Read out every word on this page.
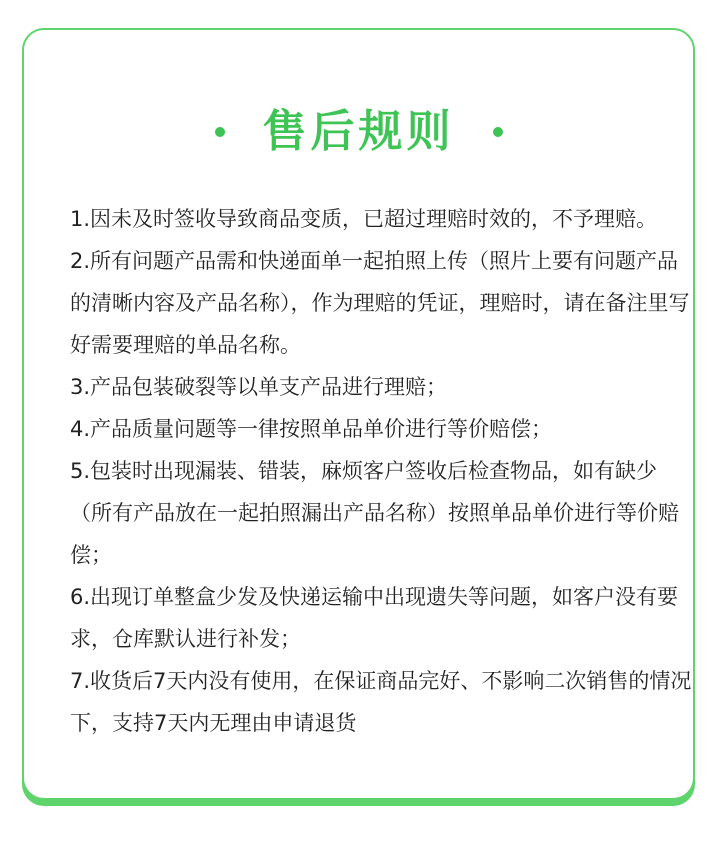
售后规则
1.因未及时签收导致商品变质，已超过理赔时效的，不予理赔。
2.所有问题产品需和快递面单一起拍照上传（照片上要有问题产品的清晰内容及产品名称），作为理赔的凭证，理赔时，请在备注里写好需要理赔的单品名称。
3.产品包装破裂等以单支产品进行理赔；
4.产品质量问题等一律按照单品单价进行等价赔偿；
5.包装时出现漏装、错装，麻烦客户签收后检查物品，如有缺少（所有产品放在一起拍照漏出产品名称）按照单品单价进行等价赔偿；
6.出现订单整盒少发及快递运输中出现遗失等问题，如客户没有要求，仓库默认进行补发；
7.收货后7天内没有使用，在保证商品完好、不影响二次销售的情况下，支持7天内无理由申请退货
